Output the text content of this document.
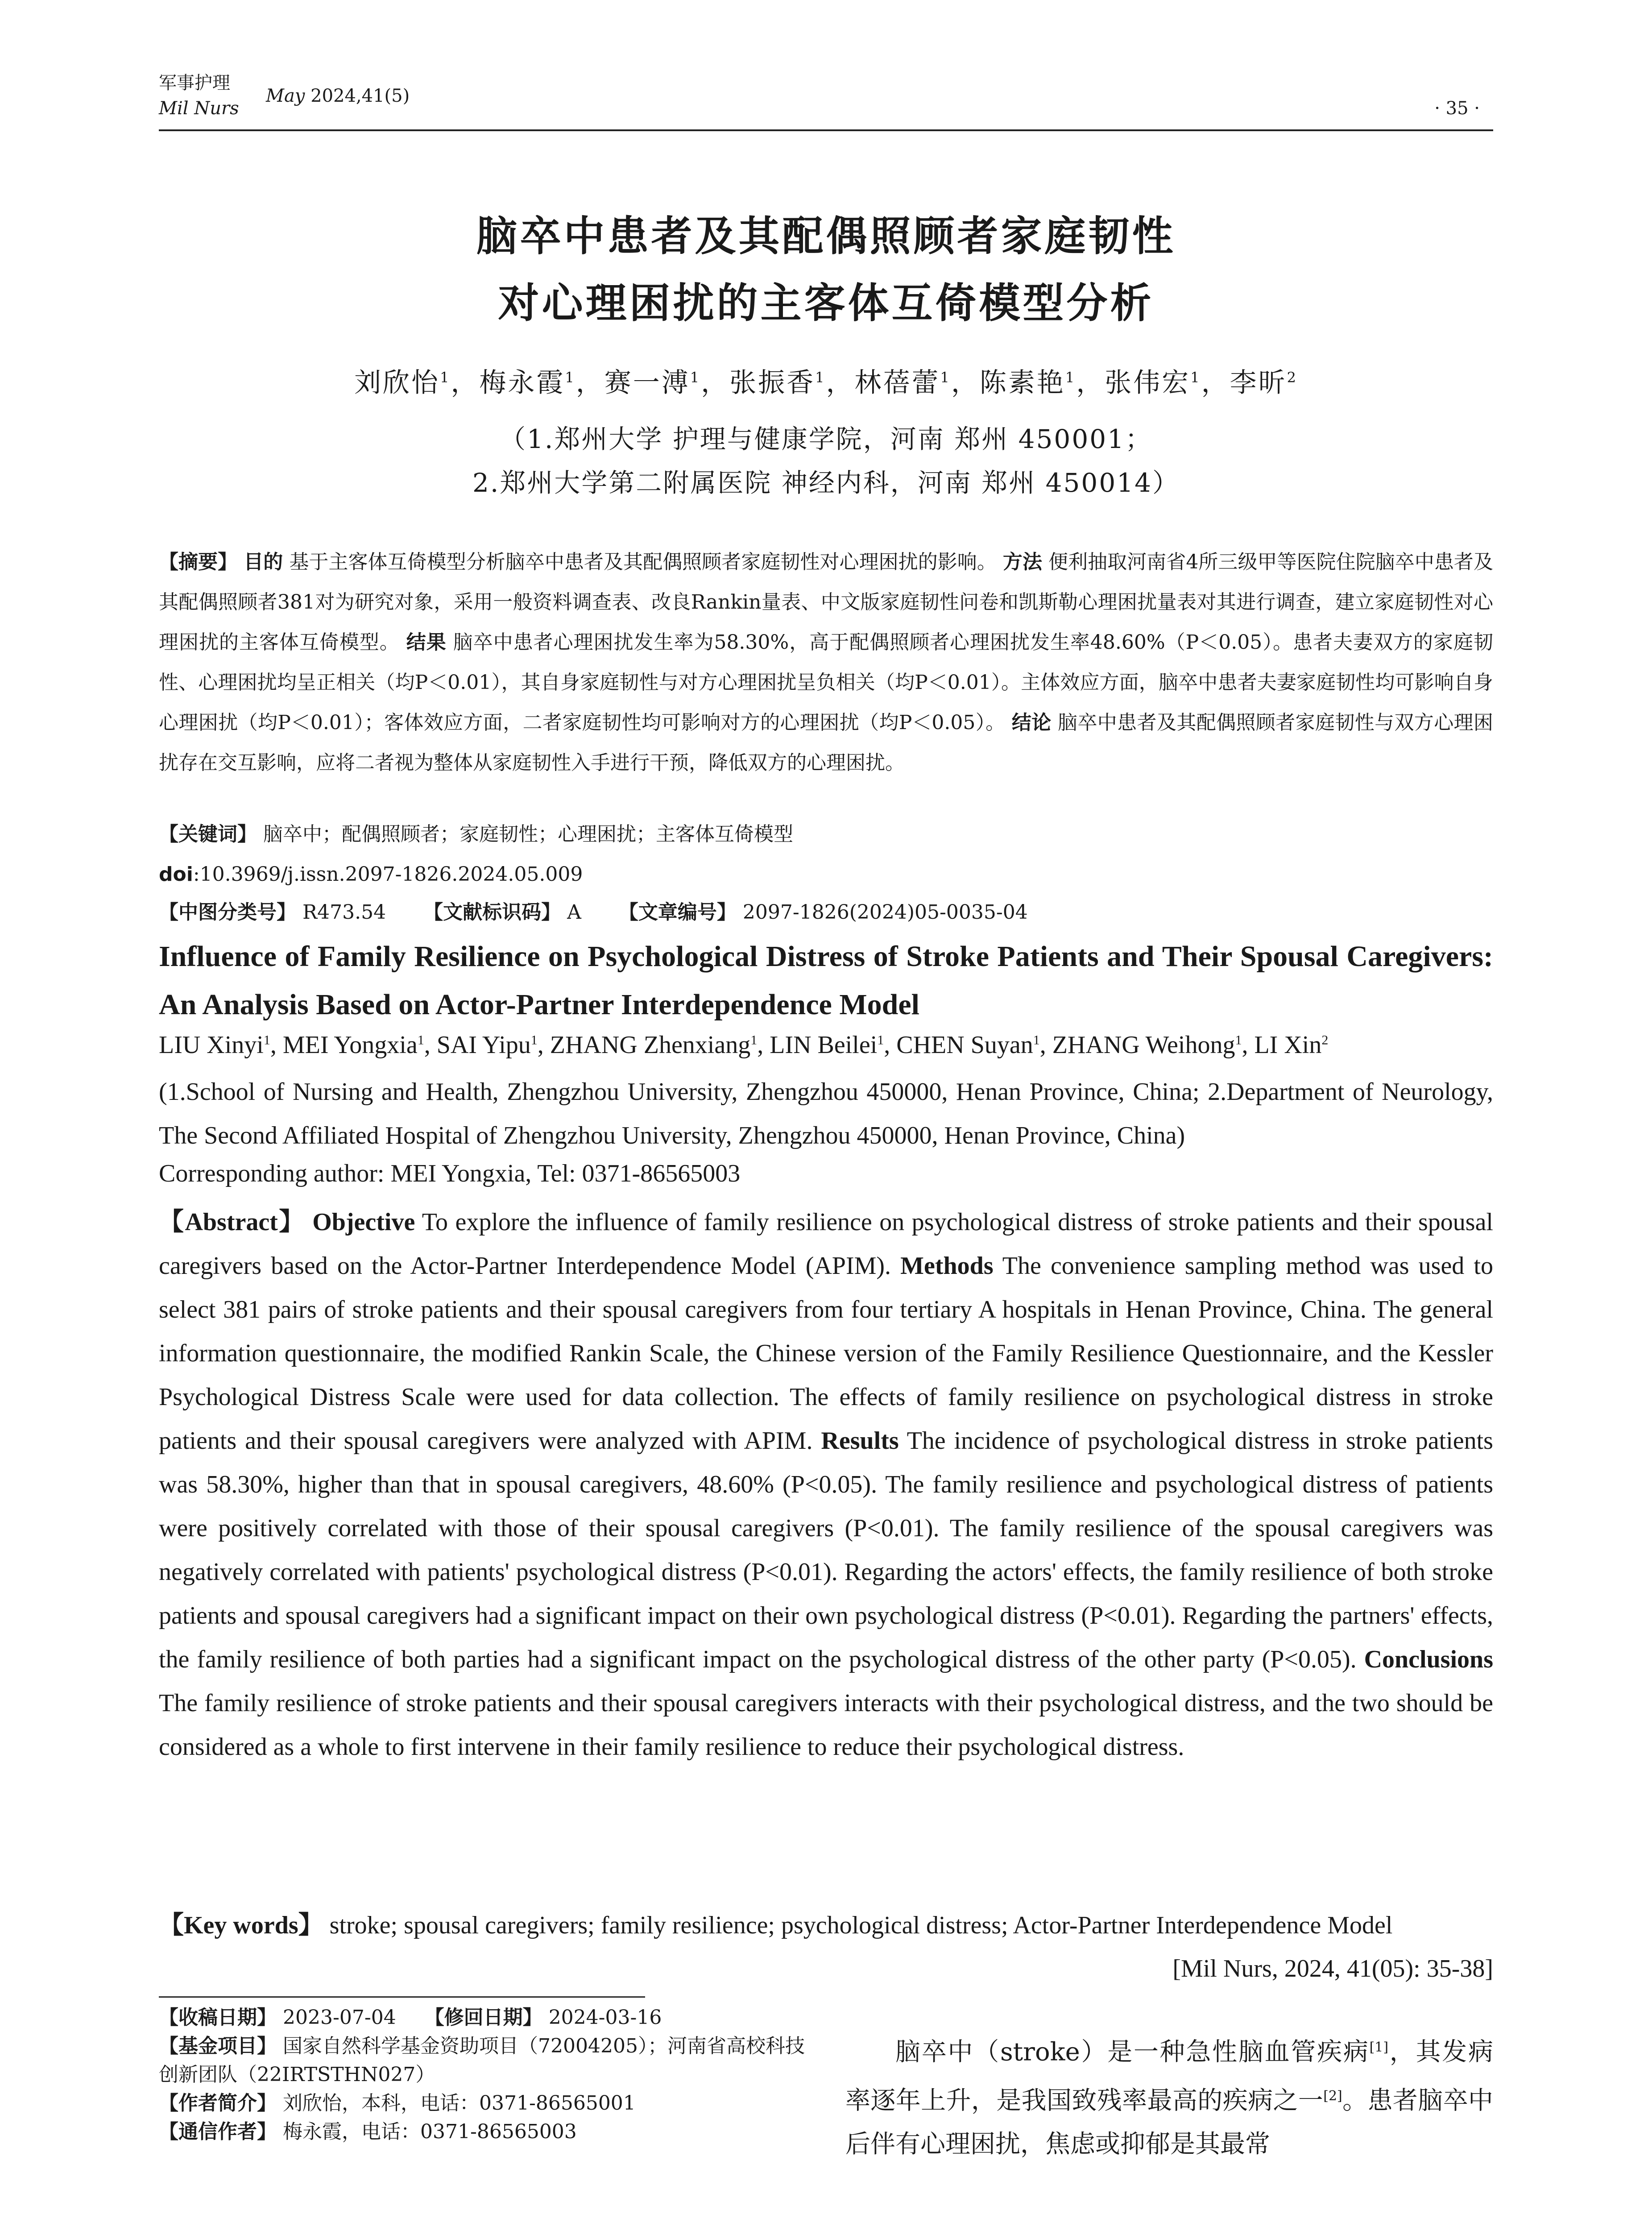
军事护理
Mil Nurs
May 2024,41(5)
· 35 ·
脑卒中患者及其配偶照顾者家庭韧性
对心理困扰的主客体互倚模型分析
刘欣怡$^1$，梅永霞$^1$，赛一溥$^1$，张振香$^1$，林蓓蕾$^1$，陈素艳$^1$，张伟宏$^1$，李昕$^2$
（1.郑州大学 护理与健康学院，河南 郑州 450001；
2.郑州大学第二附属医院 神经内科，河南 郑州 450014）
【摘要】 目的 基于主客体互倚模型分析脑卒中患者及其配偶照顾者家庭韧性对心理困扰的影响。 方法 便利抽取河南省4所三级甲等医院住院脑卒中患者及其配偶照顾者381对为研究对象，采用一般资料调查表、改良Rankin量表、中文版家庭韧性问卷和凯斯勒心理困扰量表对其进行调查，建立家庭韧性对心理困扰的主客体互倚模型。 结果 脑卒中患者心理困扰发生率为58.30%，高于配偶照顾者心理困扰发生率48.60%（P＜0.05）。患者夫妻双方的家庭韧性、心理困扰均呈正相关（均P＜0.01），其自身家庭韧性与对方心理困扰呈负相关（均P＜0.01）。主体效应方面，脑卒中患者夫妻家庭韧性均可影响自身心理困扰（均P＜0.01）；客体效应方面，二者家庭韧性均可影响对方的心理困扰（均P＜0.05）。 结论 脑卒中患者及其配偶照顾者家庭韧性与双方心理困扰存在交互影响，应将二者视为整体从家庭韧性入手进行干预，降低双方的心理困扰。
【关键词】 脑卒中；配偶照顾者；家庭韧性；心理困扰；主客体互倚模型
doi:10.3969/j.issn.2097-1826.2024.05.009
【中图分类号】 R473.54 【文献标识码】 A 【文章编号】 2097-1826(2024)05-0035-04
Influence of Family Resilience on Psychological Distress of Stroke Patients and Their Spousal Caregivers: An Analysis Based on Actor-Partner Interdependence Model
LIU Xinyi$^1$, MEI Yongxia$^1$, SAI Yipu$^1$, ZHANG Zhenxiang$^1$, LIN Beilei$^1$, CHEN Suyan$^1$, ZHANG Weihong$^1$, LI Xin$^2$
(1.School of Nursing and Health, Zhengzhou University, Zhengzhou 450000, Henan Province, China; 2.Department of Neurology, The Second Affiliated Hospital of Zhengzhou University, Zhengzhou 450000, Henan Province, China)
Corresponding author: MEI Yongxia, Tel: 0371-86565003
【Abstract】 Objective To explore the influence of family resilience on psychological distress of stroke patients and their spousal caregivers based on the Actor-Partner Interdependence Model (APIM). Methods The convenience sampling method was used to select 381 pairs of stroke patients and their spousal caregivers from four tertiary A hospitals in Henan Province, China. The general information questionnaire, the modified Rankin Scale, the Chinese version of the Family Resilience Questionnaire, and the Kessler Psychological Distress Scale were used for data collection. The effects of family resilience on psychological distress in stroke patients and their spousal caregivers were analyzed with APIM. Results The incidence of psychological distress in stroke patients was 58.30%, higher than that in spousal caregivers, 48.60% (P<0.05). The family resilience and psychological distress of patients were positively correlated with those of their spousal caregivers (P<0.01). The family resilience of the spousal caregivers was negatively correlated with patients' psychological distress (P<0.01). Regarding the actors' effects, the family resilience of both stroke patients and spousal caregivers had a significant impact on their own psychological distress (P<0.01). Regarding the partners' effects, the family resilience of both parties had a significant impact on the psychological distress of the other party (P<0.05). Conclusions The family resilience of stroke patients and their spousal caregivers interacts with their psychological distress, and the two should be considered as a whole to first intervene in their family resilience to reduce their psychological distress.
【Key words】 stroke; spousal caregivers; family resilience; psychological distress; Actor-Partner Interdependence Model
[Mil Nurs, 2024, 41(05): 35-38]
【收稿日期】 2023-07-04 【修回日期】 2024-03-16
【基金项目】 国家自然科学基金资助项目（72004205）；河南省高校科技创新团队（22IRTSTHN027）
【作者简介】 刘欣怡，本科，电话：0371-86565001
【通信作者】 梅永霞，电话：0371-86565003
脑卒中（stroke）是一种急性脑血管疾病[1]，其发病率逐年上升，是我国致残率最高的疾病之一[2]。患者脑卒中后伴有心理困扰，焦虑或抑郁是其最常
